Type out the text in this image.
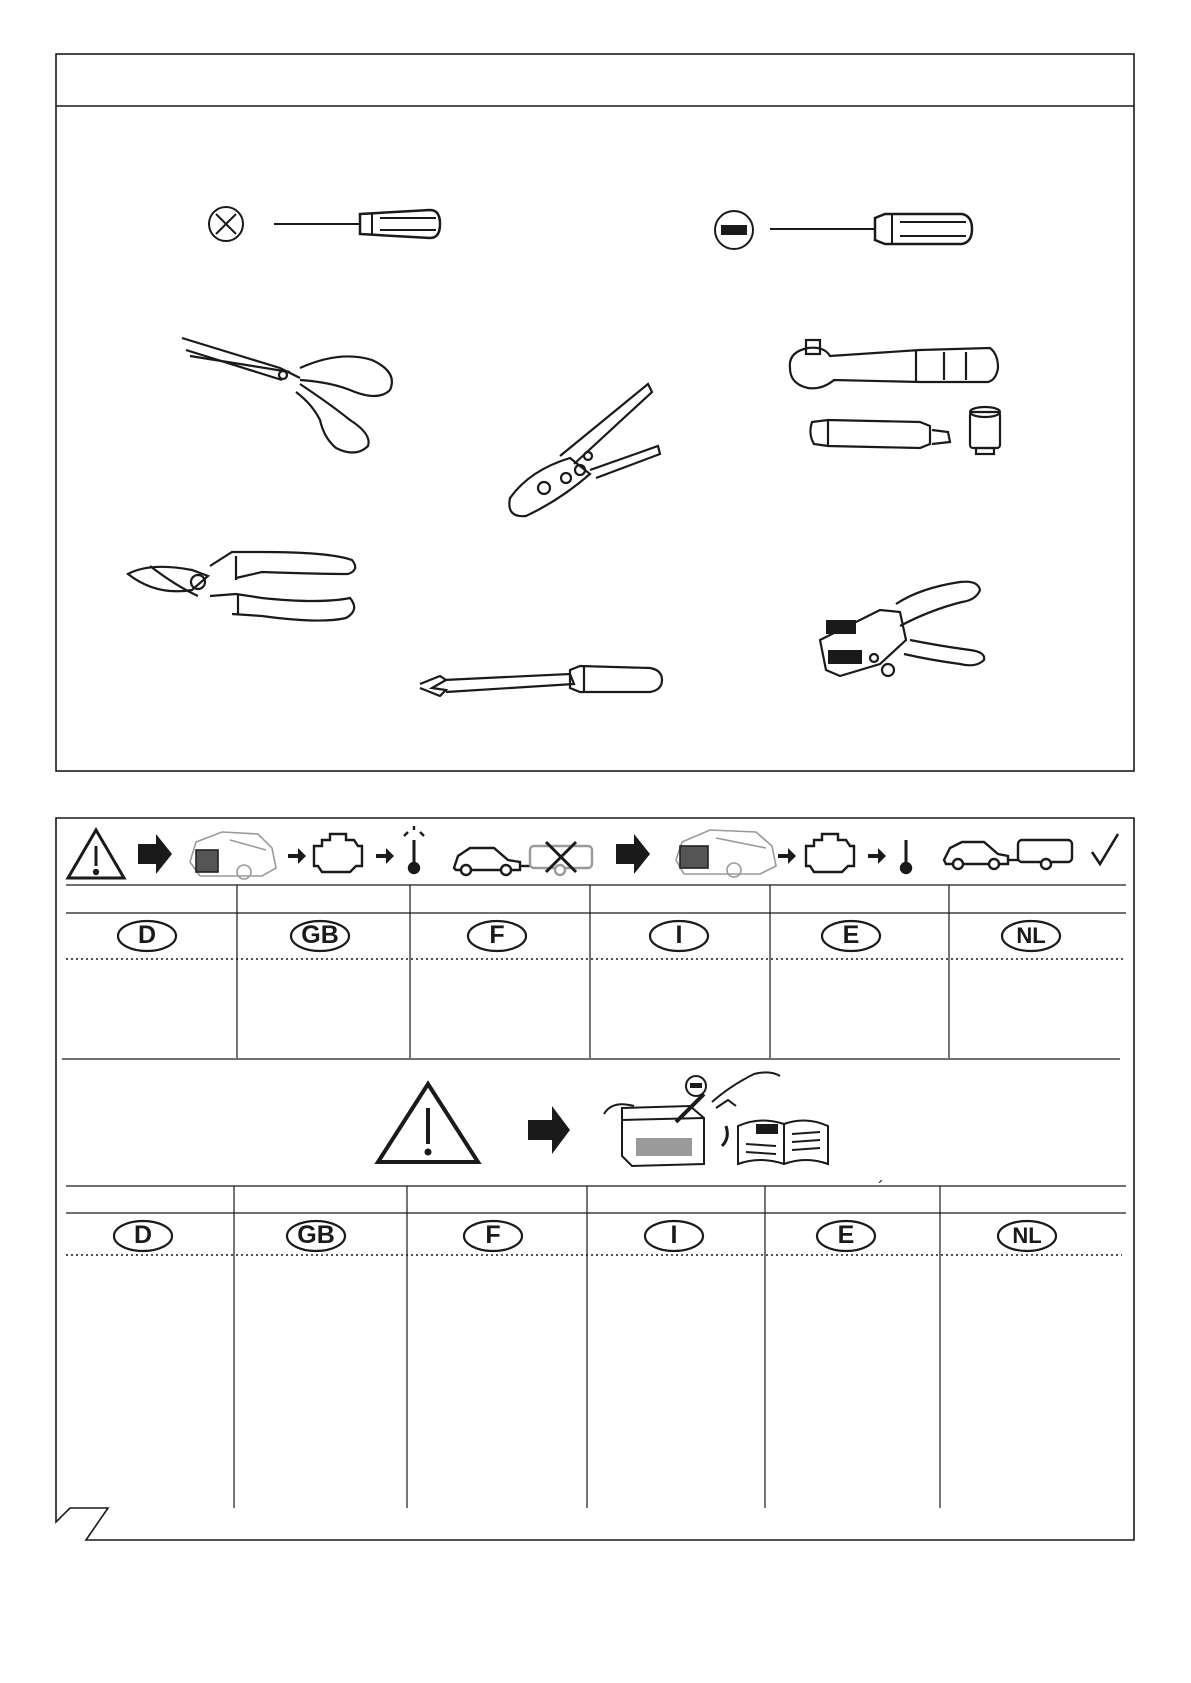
D	GB	F	I	E	NL
D	GB	F	I	E	NL
´
